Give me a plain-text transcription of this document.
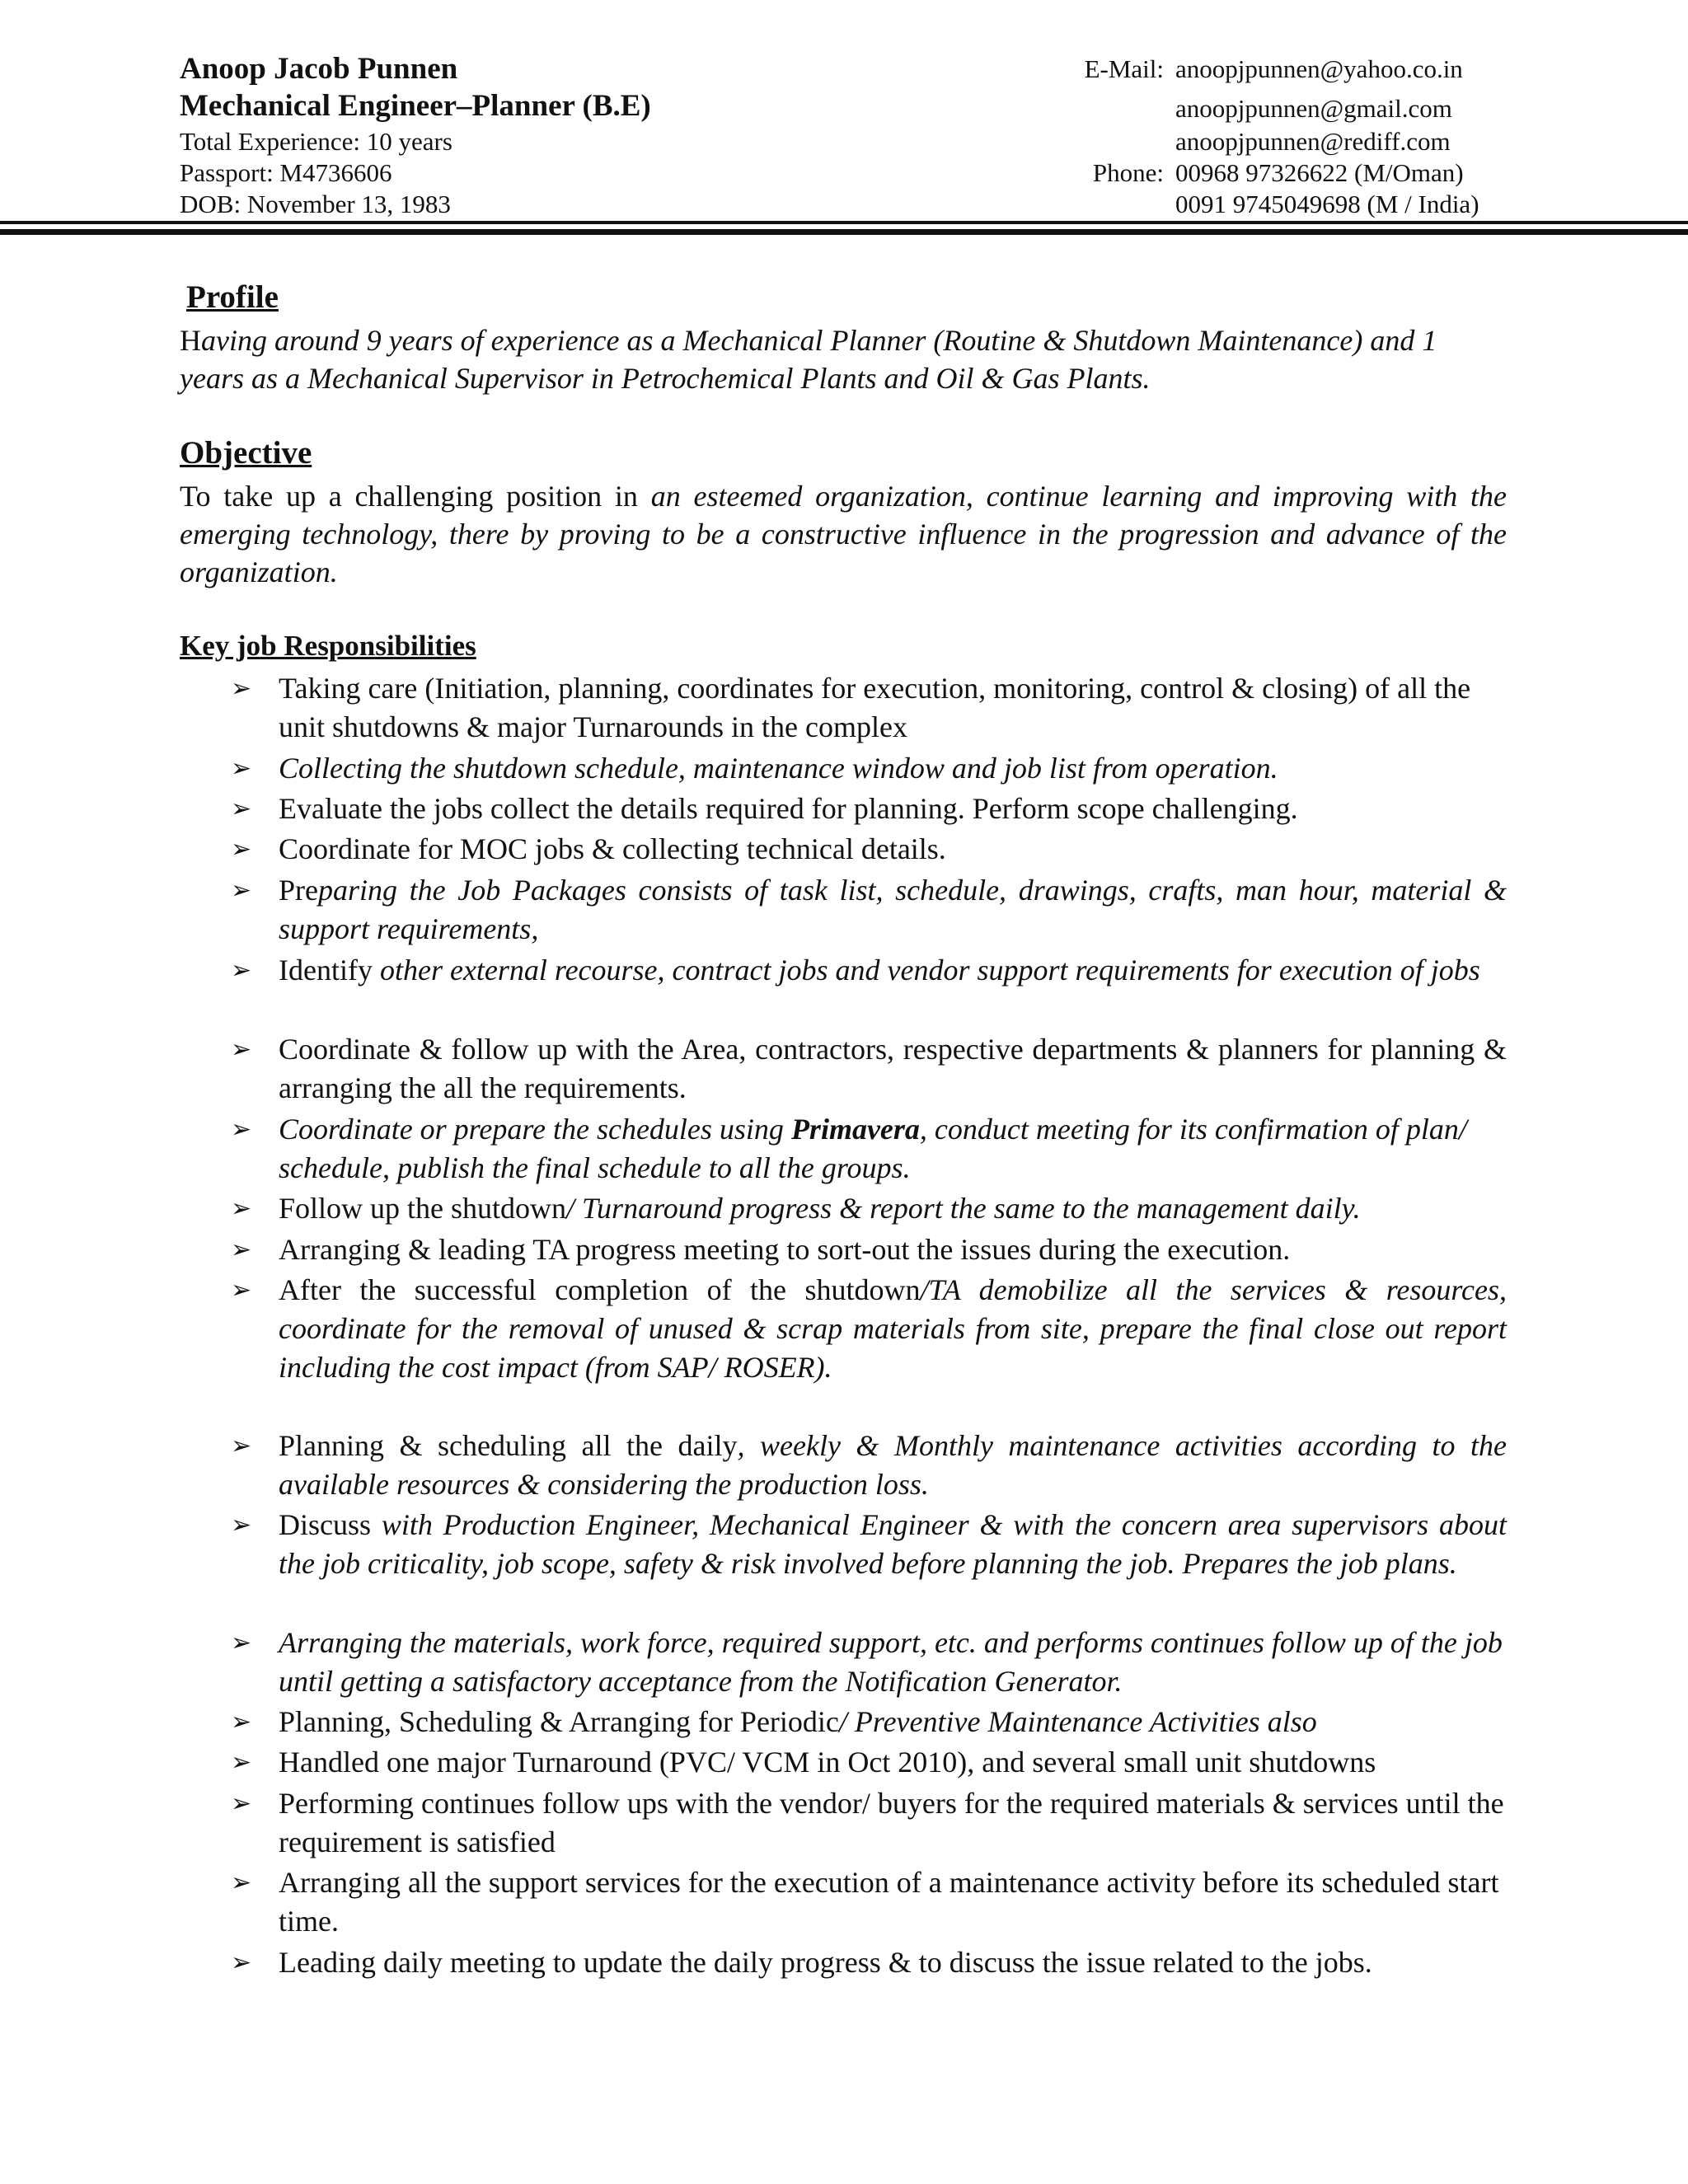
Anoop Jacob Punnen
Mechanical Engineer–Planner (B.E)
Total Experience: 10 years
Passport: M4736606
DOB: November 13, 1983
E-Mail: anoopjpunnen@yahoo.co.in
anoopjpunnen@gmail.com
anoopjpunnen@rediff.com
Phone: 00968 97326622 (M/Oman)
0091 9745049698 (M / India)
Profile
Having around 9 years of experience as a Mechanical Planner (Routine & Shutdown Maintenance) and 1 years as a Mechanical Supervisor in Petrochemical Plants and Oil & Gas Plants.
Objective
To take up a challenging position in an esteemed organization, continue learning and improving with the emerging technology, there by proving to be a constructive influence in the progression and advance of the organization.
Key job Responsibilities
➢ Taking care (Initiation, planning, coordinates for execution, monitoring, control & closing) of all the unit shutdowns & major Turnarounds in the complex
➢ Collecting the shutdown schedule, maintenance window and job list from operation.
➢ Evaluate the jobs collect the details required for planning. Perform scope challenging.
➢ Coordinate for MOC jobs & collecting technical details.
➢ Preparing the Job Packages consists of task list, schedule, drawings, crafts, man hour, material & support requirements,
➢ Identify other external recourse, contract jobs and vendor support requirements for execution of jobs
➢ Coordinate & follow up with the Area, contractors, respective departments & planners for planning & arranging the all the requirements.
➢ Coordinate or prepare the schedules using Primavera, conduct meeting for its confirmation of plan/ schedule, publish the final schedule to all the groups.
➢ Follow up the shutdown/ Turnaround progress & report the same to the management daily.
➢ Arranging & leading TA progress meeting to sort-out the issues during the execution.
➢ After the successful completion of the shutdown/TA demobilize all the services & resources, coordinate for the removal of unused & scrap materials from site, prepare the final close out report including the cost impact (from SAP/ ROSER).
➢ Planning & scheduling all the daily, weekly & Monthly maintenance activities according to the available resources & considering the production loss.
➢ Discuss with Production Engineer, Mechanical Engineer & with the concern area supervisors about the job criticality, job scope, safety & risk involved before planning the job. Prepares the job plans.
➢ Arranging the materials, work force, required support, etc. and performs continues follow up of the job until getting a satisfactory acceptance from the Notification Generator.
➢ Planning, Scheduling & Arranging for Periodic/ Preventive Maintenance Activities also
➢ Handled one major Turnaround (PVC/ VCM in Oct 2010), and several small unit shutdowns
➢ Performing continues follow ups with the vendor/ buyers for the required materials & services until the requirement is satisfied
➢ Arranging all the support services for the execution of a maintenance activity before its scheduled start time.
➢ Leading daily meeting to update the daily progress & to discuss the issue related to the jobs.
